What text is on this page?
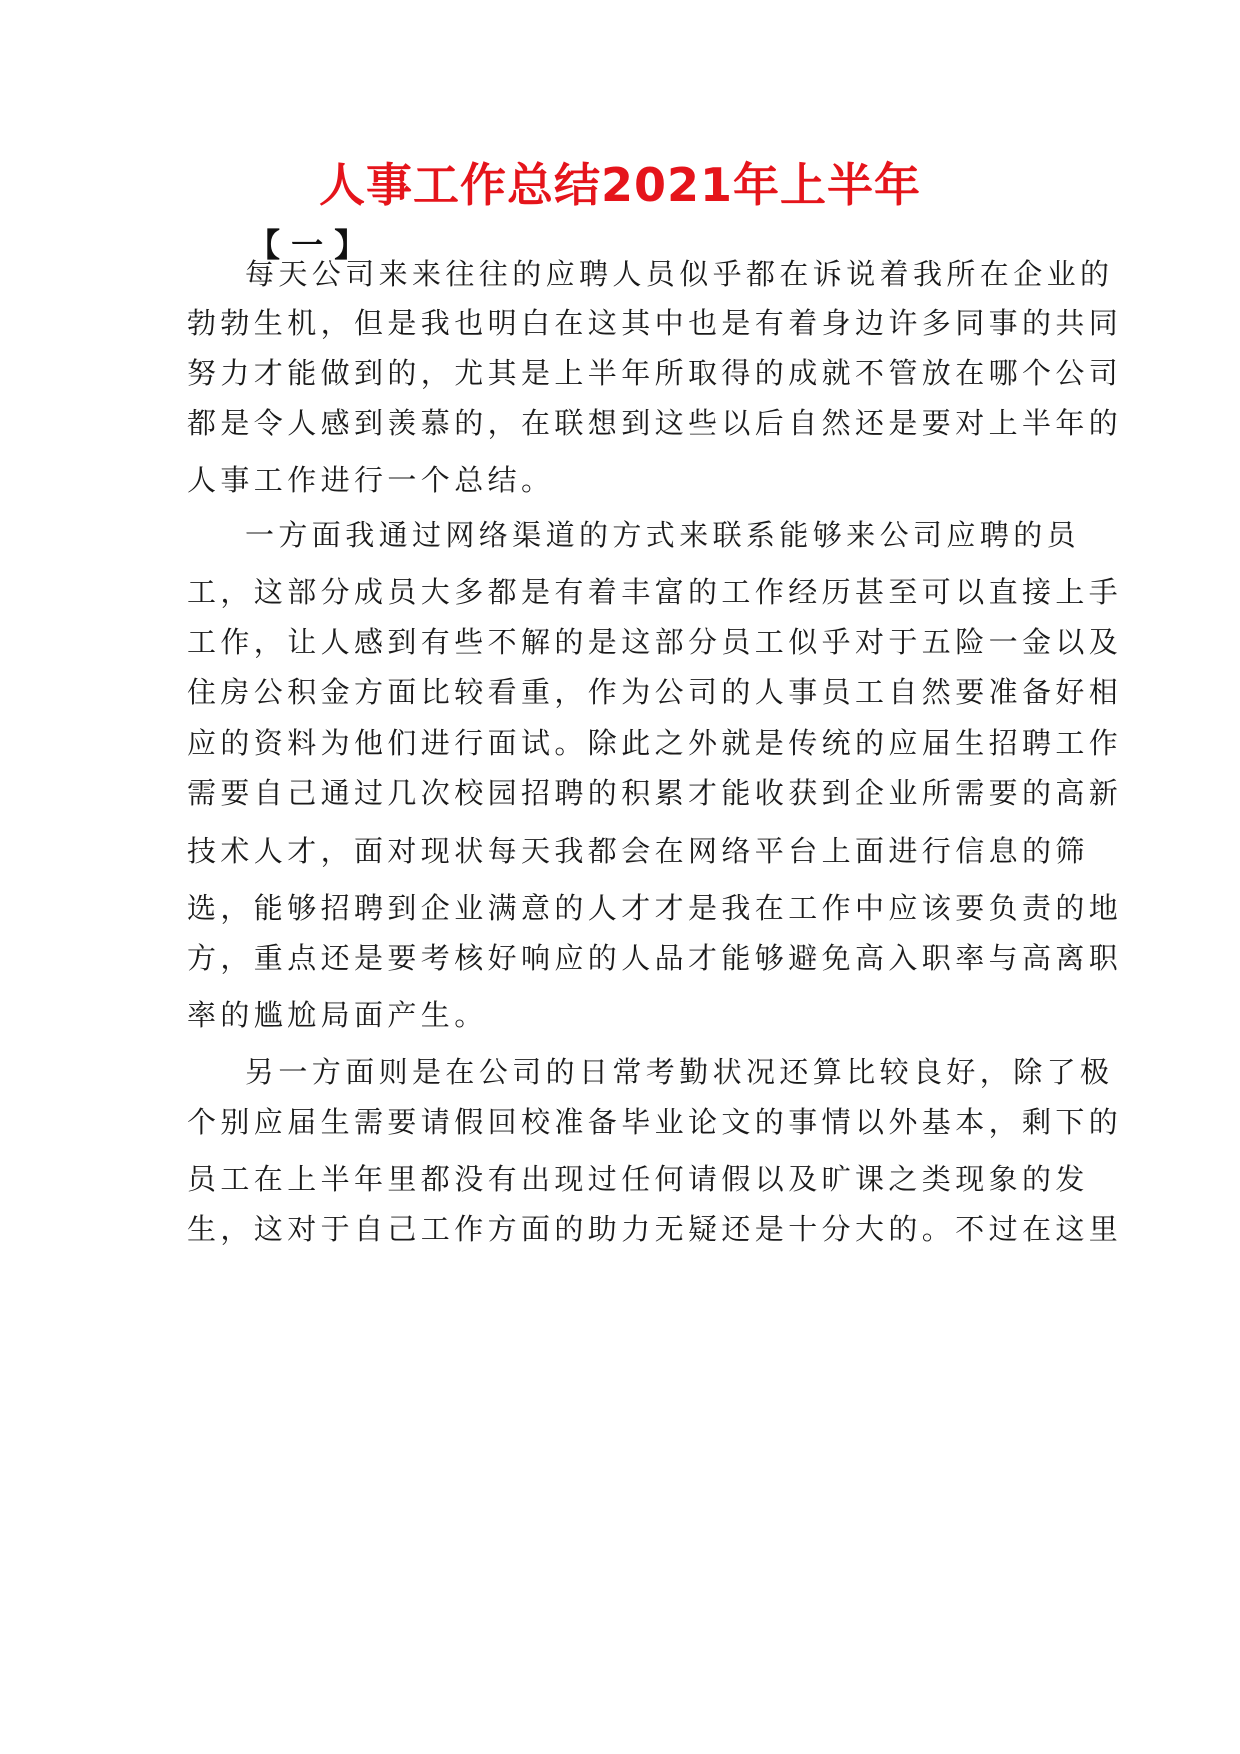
人事工作总结2021年上半年
【 一 】
每天公司来来往往的应聘人员似乎都在诉说着我所在企业的
勃勃生机，但是我也明白在这其中也是有着身边许多同事的共同
努力才能做到的，尤其是上半年所取得的成就不管放在哪个公司
都是令人感到羡慕的，在联想到这些以后自然还是要对上半年的
人事工作进行一个总结。
一方面我通过网络渠道的方式来联系能够来公司应聘的员
工，这部分成员大多都是有着丰富的工作经历甚至可以直接上手
工作，让人感到有些不解的是这部分员工似乎对于五险一金以及
住房公积金方面比较看重，作为公司的人事员工自然要准备好相
应的资料为他们进行面试。除此之外就是传统的应届生招聘工作
需要自己通过几次校园招聘的积累才能收获到企业所需要的高新
技术人才，面对现状每天我都会在网络平台上面进行信息的筛
选，能够招聘到企业满意的人才才是我在工作中应该要负责的地
方，重点还是要考核好响应的人品才能够避免高入职率与高离职
率的尴尬局面产生。
另一方面则是在公司的日常考勤状况还算比较良好，除了极
个别应届生需要请假回校准备毕业论文的事情以外基本，剩下的
员工在上半年里都没有出现过任何请假以及旷课之类现象的发
生，这对于自己工作方面的助力无疑还是十分大的。不过在这里
